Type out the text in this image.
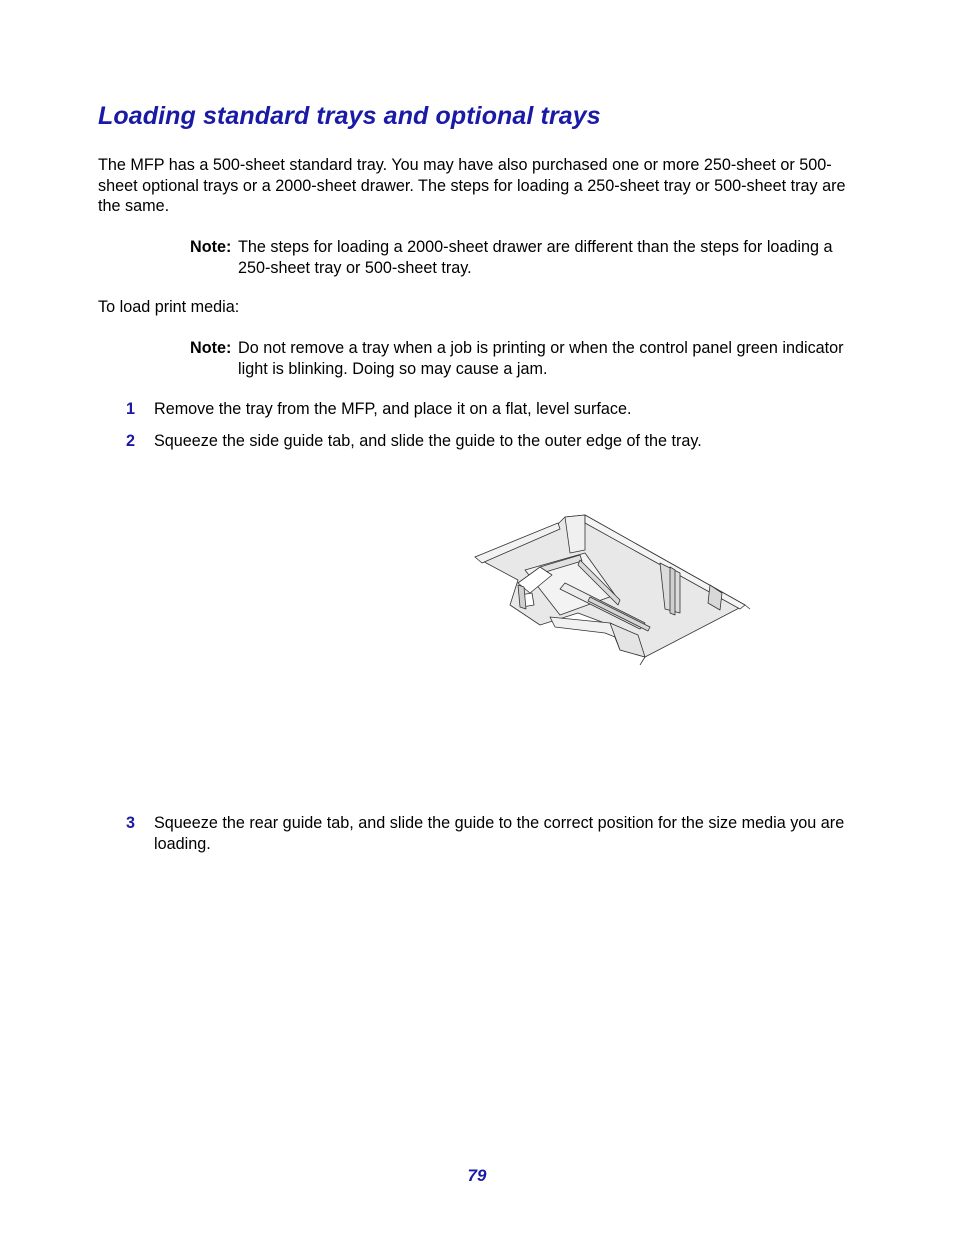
Loading standard trays and optional trays

The MFP has a 500-sheet standard tray. You may have also purchased one or more 250-sheet or 500-sheet optional trays or a 2000-sheet drawer. The steps for loading a 250-sheet tray or 500-sheet tray are the same.

Note: The steps for loading a 2000-sheet drawer are different than the steps for loading a 250-sheet tray or 500-sheet tray.

To load print media:

Note: Do not remove a tray when a job is printing or when the control panel green indicator light is blinking. Doing so may cause a jam.
1	Remove the tray from the MFP, and place it on a flat, level surface.
2	Squeeze the side guide tab, and slide the guide to the outer edge of the tray.
3	Squeeze the rear guide tab, and slide the guide to the correct position for the size media you are loading.
79
